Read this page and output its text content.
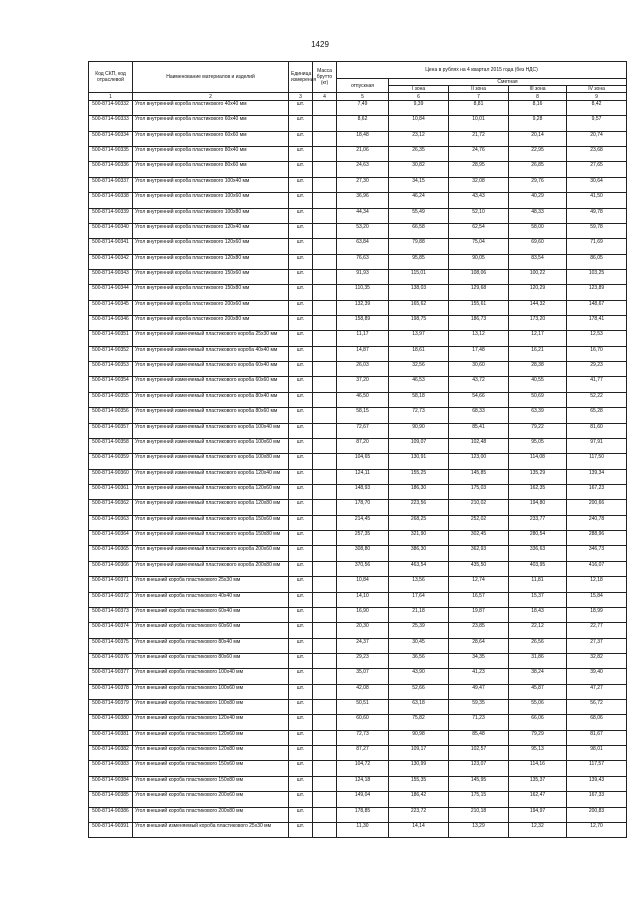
1429
Код СКП, код отраслевой	Наименование материалов и изделий	Единица измерения	Масса брутто (кг)	Цена в рублях на 4 квартал 2015 года (без НДС)				
				отпускная	Сметная			
					I зона	II зона	III зона	IV зона
1	2	3	4	5	6	7	8	9
500-8714-90332	Угол внутренний короба пластикового 40х40 мм	шт.		7,49	9,39	8,81	8,16	8,42
500-8714-90333	Угол внутренний короба пластикового 60х40 мм	шт.		8,62	10,84	10,01	9,28	9,57
500-8714-90334	Угол внутренний короба пластикового 60х60 мм	шт.		18,48	23,12	21,72	20,14	20,74
500-8714-90335	Угол внутренний короба пластикового 80х40 мм	шт.		21,06	26,35	24,76	22,95	23,68
500-8714-90336	Угол внутренний короба пластикового 80х60 мм	шт.		24,63	30,82	28,95	26,85	27,65
500-8714-90337	Угол внутренний короба пластикового 100х40 мм	шт.		27,30	34,15	32,08	29,76	30,64
500-8714-90338	Угол внутренний короба пластикового 100х60 мм	шт.		36,96	46,24	43,43	40,29	41,50
500-8714-90339	Угол внутренний короба пластикового 100х80 мм	шт.		44,34	55,49	52,10	48,33	49,78
500-8714-90340	Угол внутренний короба пластикового 120х40 мм	шт.		53,20	66,58	62,54	58,00	59,78
500-8714-90341	Угол внутренний короба пластикового 120х60 мм	шт.		63,84	79,88	75,04	69,60	71,69
500-8714-90342	Угол внутренний короба пластикового 120х80 мм	шт.		76,63	95,85	90,05	83,54	86,05
500-8714-90343	Угол внутренний короба пластикового 150х60 мм	шт.		91,93	115,01	108,06	100,22	103,25
500-8714-90344	Угол внутренний короба пластикового 150х80 мм	шт.		110,35	138,03	129,68	120,29	123,89
500-8714-90345	Угол внутренний короба пластикового 200х60 мм	шт.		132,39	165,62	155,61	144,32	148,67
500-8714-90346	Угол внутренний короба пластикового 200х80 мм	шт.		158,89	198,75	186,73	173,20	178,41
500-8714-90351	Угол внутренний изменяемый пластикового короба 25х30 мм	шт.		11,17	13,97	13,12	12,17	12,53
500-8714-90352	Угол внутренний изменяемый пластикового короба 40х40 мм	шт.		14,87	18,61	17,48	16,21	16,70
500-8714-90353	Угол внутренний изменяемый пластикового короба 60х40 мм	шт.		26,03	32,56	30,60	28,38	29,23
500-8714-90354	Угол внутренний изменяемый пластикового короба 60х60 мм	шт.		37,20	46,53	43,72	40,55	41,77
500-8714-90355	Угол внутренний изменяемый пластикового короба 80х40 мм	шт.		46,50	58,18	54,66	50,69	52,22
500-8714-90356	Угол внутренний изменяемый пластикового короба 80х60 мм	шт.		58,15	72,73	68,33	63,39	65,28
500-8714-90357	Угол внутренний изменяемый пластикового короба 100х40 мм	шт.		72,67	90,90	85,41	79,22	81,60
500-8714-90358	Угол внутренний изменяемый пластикового короба 100х60 мм	шт.		87,20	109,07	102,48	95,05	97,91
500-8714-90359	Угол внутренний изменяемый пластикового короба 100х80 мм	шт.		104,65	130,91	123,00	114,08	117,50
500-8714-90360	Угол внутренний изменяемый пластикового короба 120х40 мм	шт.		124,11	155,25	145,85	135,29	139,34
500-8714-90361	Угол внутренний изменяемый пластикового короба 120х60 мм	шт.		148,93	186,30	175,03	162,35	167,23
500-8714-90362	Угол внутренний изменяемый пластикового короба 120х80 мм	шт.		178,70	223,56	210,02	194,80	200,66
500-8714-90363	Угол внутренний изменяемый пластикового короба 150х60 мм	шт.		214,45	268,25	252,02	233,77	240,78
500-8714-90364	Угол внутренний изменяемый пластикового короба 150х80 мм	шт.		257,35	321,90	302,45	280,54	288,96
500-8714-90365	Угол внутренний изменяемый пластикового короба 200х60 мм	шт.		308,80	386,30	362,93	336,63	346,73
500-8714-90366	Угол внутренний изменяемый пластикового короба 200х80 мм	шт.		370,56	463,54	435,50	403,95	416,07
500-8714-90371	Угол внешний короба пластикового 25х30 мм	шт.		10,84	13,56	12,74	11,81	12,18
500-8714-90372	Угол внешний короба пластикового 40х40 мм	шт.		14,10	17,64	16,57	15,37	15,84
500-8714-90373	Угол внешний короба пластикового 60х40 мм	шт.		16,90	21,18	19,87	18,43	18,99
500-8714-90374	Угол внешний короба пластикового 60х60 мм	шт.		20,30	25,39	23,85	22,12	22,77
500-8714-90375	Угол внешний короба пластикового 80х40 мм	шт.		24,37	30,45	28,64	26,56	27,37
500-8714-90376	Угол внешний короба пластикового 80х60 мм	шт.		29,23	36,56	34,35	31,86	32,82
500-8714-90377	Угол внешний короба пластикового 100х40 мм	шт.		35,07	43,90	41,23	38,24	39,40
500-8714-90378	Угол внешний короба пластикового 100х60 мм	шт.		42,08	52,66	49,47	45,87	47,27
500-8714-90379	Угол внешний короба пластикового 100х80 мм	шт.		50,51	63,18	59,35	55,06	56,72
500-8714-90380	Угол внешний короба пластикового 120х40 мм	шт.		60,60	75,82	71,23	66,06	68,06
500-8714-90381	Угол внешний короба пластикового 120х60 мм	шт.		72,73	90,98	85,48	79,29	81,67
500-8714-90382	Угол внешний короба пластикового 120х80 мм	шт.		87,27	109,17	102,57	95,13	98,01
500-8714-90383	Угол внешний короба пластикового 150х60 мм	шт.		104,72	130,99	123,07	114,16	117,57
500-8714-90384	Угол внешний короба пластикового 150х80 мм	шт.		124,18	155,35	145,95	135,37	139,43
500-8714-90385	Угол внешний короба пластикового 200х60 мм	шт.		149,04	186,42	175,15	162,47	167,33
500-8714-90386	Угол внешний короба пластикового 200х80 мм	шт.		178,85	223,72	210,18	194,97	200,83
500-8714-90391	Угол внешний изменяемый короба пластикового 25х30 мм	шт.		11,30	14,14	13,29	12,32	12,70
